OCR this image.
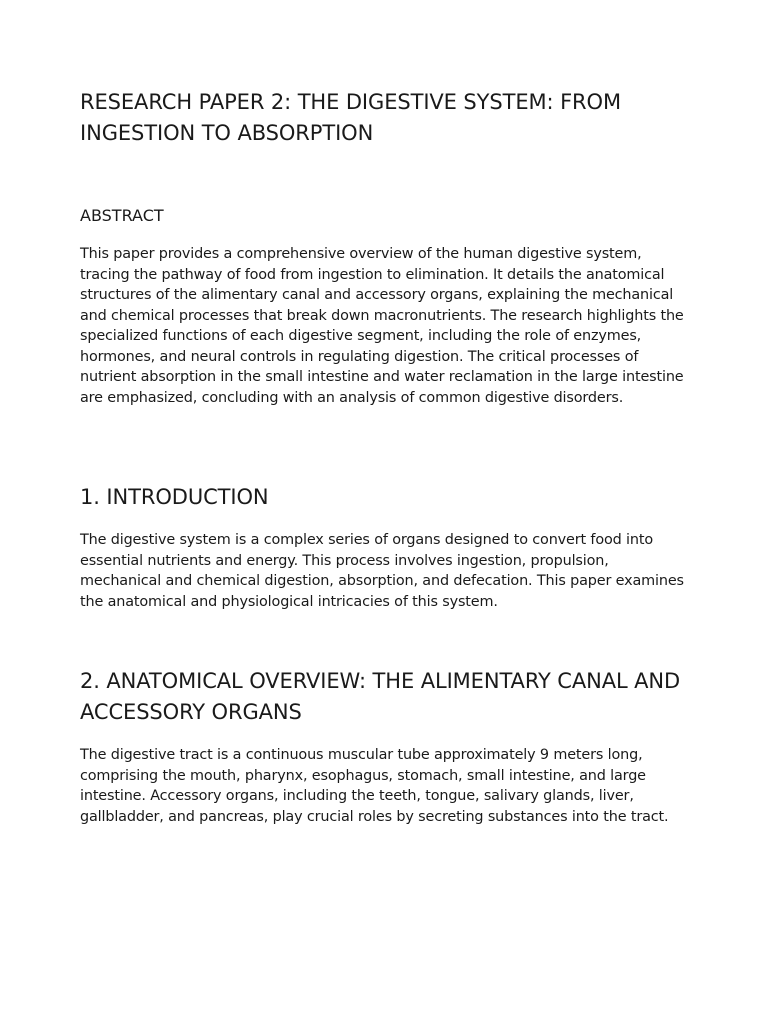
RESEARCH PAPER 2: THE DIGESTIVE SYSTEM: FROM INGESTION TO ABSORPTION
ABSTRACT

This paper provides a comprehensive overview of the human digestive system, tracing the pathway of food from ingestion to elimination. It details the anatomical structures of the alimentary canal and accessory organs, explaining the mechanical and chemical processes that break down macronutrients. The research highlights the specialized functions of each digestive segment, including the role of enzymes, hormones, and neural controls in regulating digestion. The critical processes of nutrient absorption in the small intestine and water reclamation in the large intestine are emphasized, concluding with an analysis of common digestive disorders.

1. INTRODUCTION

The digestive system is a complex series of organs designed to convert food into essential nutrients and energy. This process involves ingestion, propulsion, mechanical and chemical digestion, absorption, and defecation. This paper examines the anatomical and physiological intricacies of this system.

2. ANATOMICAL OVERVIEW: THE ALIMENTARY CANAL AND ACCESSORY ORGANS

The digestive tract is a continuous muscular tube approximately 9 meters long, comprising the mouth, pharynx, esophagus, stomach, small intestine, and large intestine. Accessory organs, including the teeth, tongue, salivary glands, liver, gallbladder, and pancreas, play crucial roles by secreting substances into the tract.
